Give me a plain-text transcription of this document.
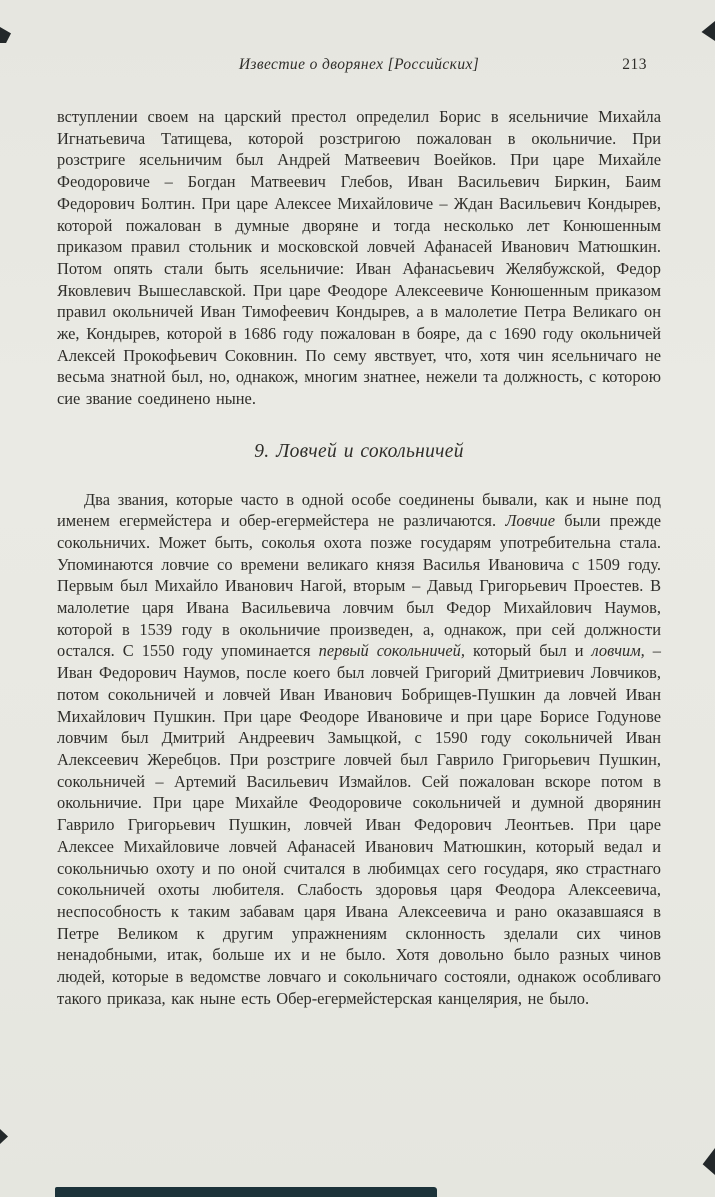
Известие о дворянех [Российских]	213

вступлении своем на царский престол определил Борис в ясельничие Михайла Игнатьевича Татищева, которой розстригою пожалован в окольничие. При розстриге ясельничим был Андрей Матвеевич Воейков. При царе Михайле Феодоровиче – Богдан Матвеевич Глебов, Иван Васильевич Биркин, Баим Федорович Болтин. При царе Алексее Михайловиче – Ждан Васильевич Кондырев, которой пожалован в думные дворяне и тогда несколько лет Конюшенным приказом правил стольник и московской ловчей Афанасей Иванович Матюшкин. Потом опять стали быть ясельничие: Иван Афанасьевич Желябужской, Федор Яковлевич Вышеславской. При царе Феодоре Алексеевиче Конюшенным приказом правил окольничей Иван Тимофеевич Кондырев, а в малолетие Петра Великаго он же, Кондырев, которой в 1686 году пожалован в бояре, да с 1690 году окольничей Алексей Прокофьевич Соковнин. По сему явствует, что, хотя чин ясельничаго не весьма знатной был, но, однакож, многим знатнее, нежели та должность, с которою сие звание соединено ныне.

9. Ловчей и сокольничей

Два звания, которые часто в одной особе соединены бывали, как и ныне под именем егермейстера и обер-егермейстера не различаются. Ловчие были прежде сокольничих. Может быть, соколья охота позже государям употребительна стала. Упоминаются ловчие со времени великаго князя Василья Ивановича с 1509 году. Первым был Михайло Иванович Нагой, вторым – Давыд Григорьевич Проестев. В малолетие царя Ивана Васильевича ловчим был Федор Михайлович Наумов, которой в 1539 году в окольничие произведен, а, однакож, при сей должности остался. С 1550 году упоминается первый сокольничей, который был и ловчим, – Иван Федорович Наумов, после коего был ловчей Григорий Дмитриевич Ловчиков, потом сокольничей и ловчей Иван Иванович Бобрищев-Пушкин да ловчей Иван Михайлович Пушкин. При царе Феодоре Ивановиче и при царе Борисе Годунове ловчим был Дмитрий Андреевич Замыцкой, с 1590 году сокольничей Иван Алексеевич Жеребцов. При розстриге ловчей был Гаврило Григорьевич Пушкин, сокольничей – Артемий Васильевич Измайлов. Сей пожалован вскоре потом в окольничие. При царе Михайле Феодоровиче сокольничей и думной дворянин Гаврило Григорьевич Пушкин, ловчей Иван Федорович Леонтьев. При царе Алексее Михайловиче ловчей Афанасей Иванович Матюшкин, который ведал и сокольничью охоту и по оной считался в любимцах сего государя, яко страстнаго сокольничей охоты любителя. Слабость здоровья царя Феодора Алексеевича, неспособность к таким забавам царя Ивана Алексеевича и рано оказавшаяся в Петре Великом к другим упражнениям склонность зделали сих чинов ненадобными, итак, больше их и не было. Хотя довольно было разных чинов людей, которые в ведомстве ловчаго и сокольничаго состояли, однакож особливаго такого приказа, как ныне есть Обер-егермейстерская канцелярия, не было.
